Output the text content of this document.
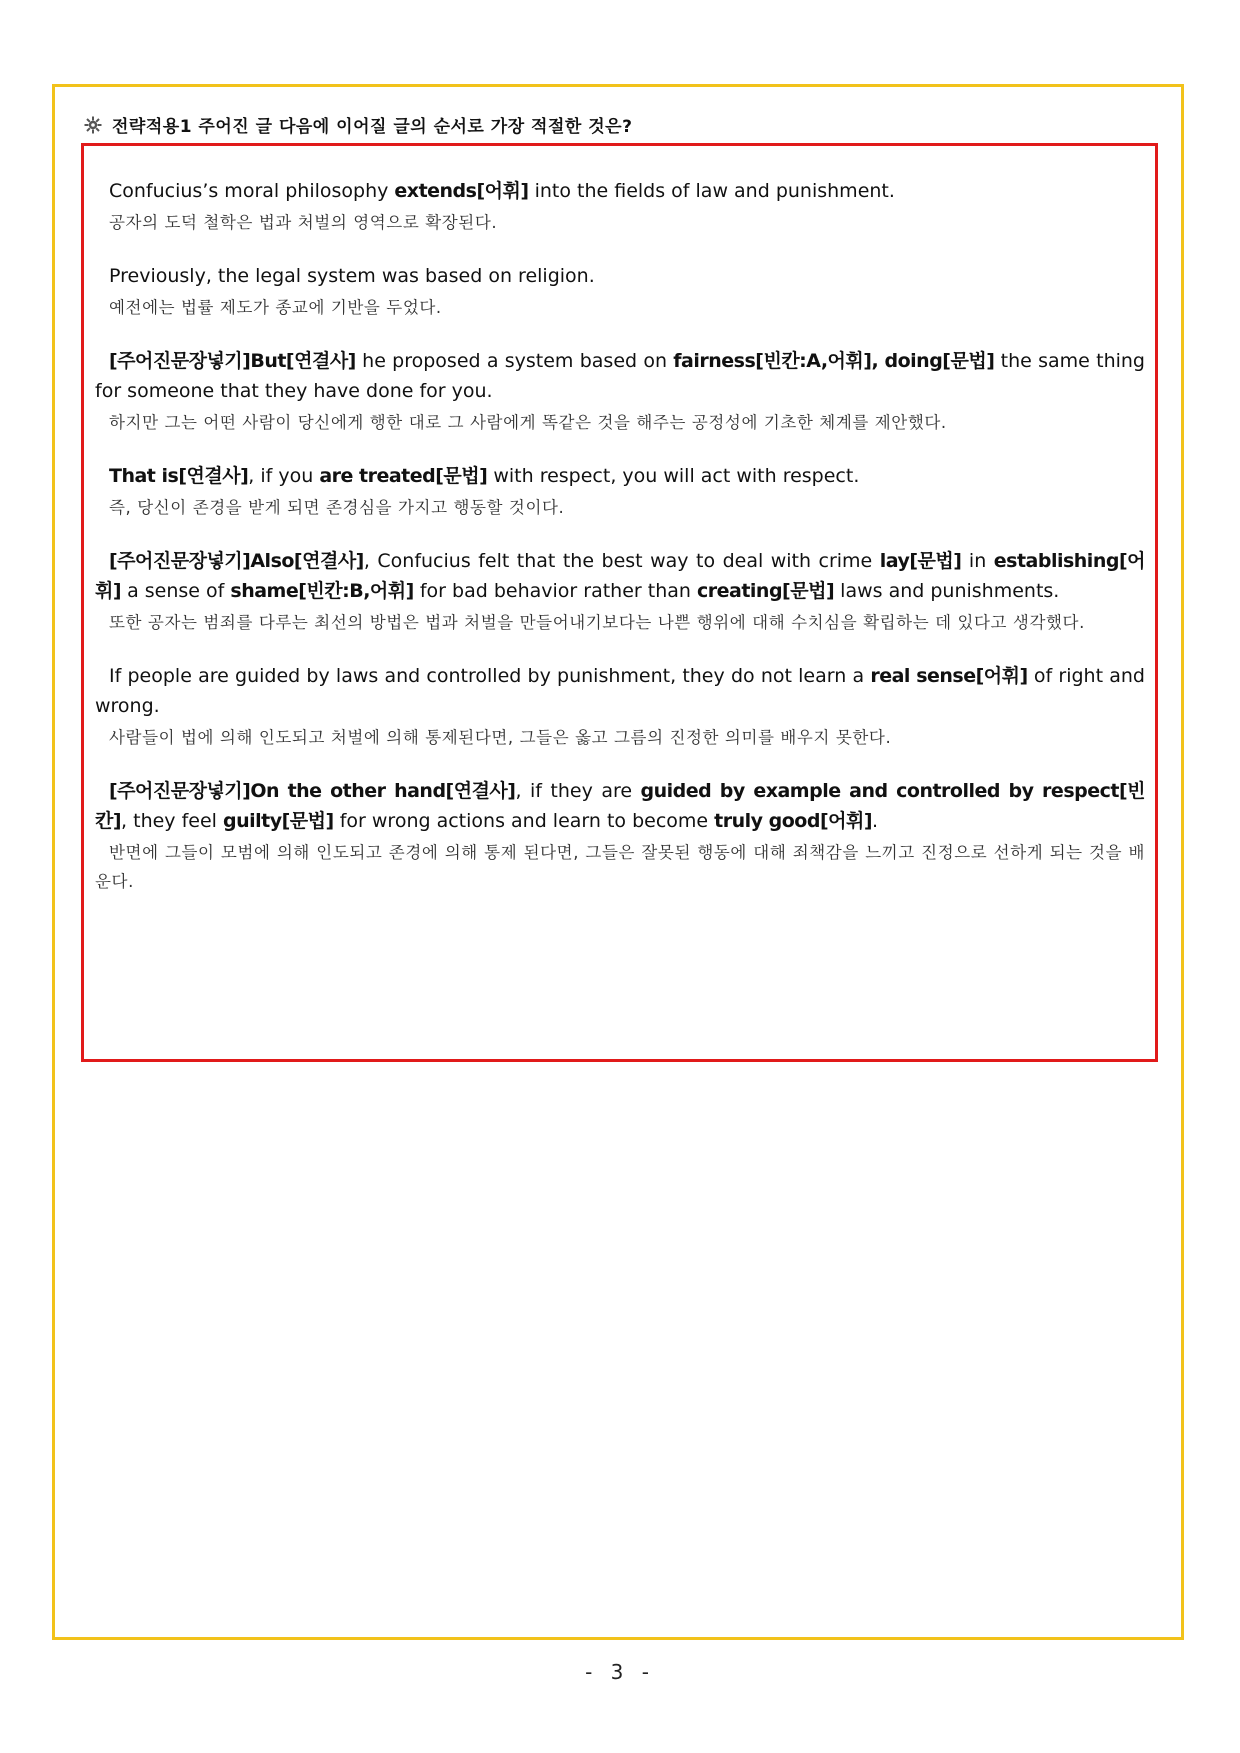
전략적용1 주어진 글 다음에 이어질 글의 순서로 가장 적절한 것은?
Confucius’s moral philosophy extends[어휘] into the fields of law and punishment.
공자의 도덕 철학은 법과 처벌의 영역으로 확장된다.
Previously, the legal system was based on religion.
예전에는 법률 제도가 종교에 기반을 두었다.
[주어진문장넣기]But[연결사] he proposed a system based on fairness[빈칸:A,어휘], doing[문법] the same thing for someone that they have done for you.
하지만 그는 어떤 사람이 당신에게 행한 대로 그 사람에게 똑같은 것을 해주는 공정성에 기초한 체계를 제안했다.
That is[연결사], if you are treated[문법] with respect, you will act with respect.
즉, 당신이 존경을 받게 되면 존경심을 가지고 행동할 것이다.
[주어진문장넣기]Also[연결사], Confucius felt that the best way to deal with crime lay[문법] in establishing[어휘] a sense of shame[빈칸:B,어휘] for bad behavior rather than creating[문법] laws and punishments.
또한 공자는 범죄를 다루는 최선의 방법은 법과 처벌을 만들어내기보다는 나쁜 행위에 대해 수치심을 확립하는 데 있다고 생각했다.
If people are guided by laws and controlled by punishment, they do not learn a real sense[어휘] of right and wrong.
사람들이 법에 의해 인도되고 처벌에 의해 통제된다면, 그들은 옳고 그름의 진정한 의미를 배우지 못한다.
[주어진문장넣기]On the other hand[연결사], if they are guided by example and controlled by respect[빈칸], they feel guilty[문법] for wrong actions and learn to become truly good[어휘].
반면에 그들이 모범에 의해 인도되고 존경에 의해 통제 된다면, 그들은 잘못된 행동에 대해 죄책감을 느끼고 진정으로 선하게 되는 것을 배운다.
- 3 -
